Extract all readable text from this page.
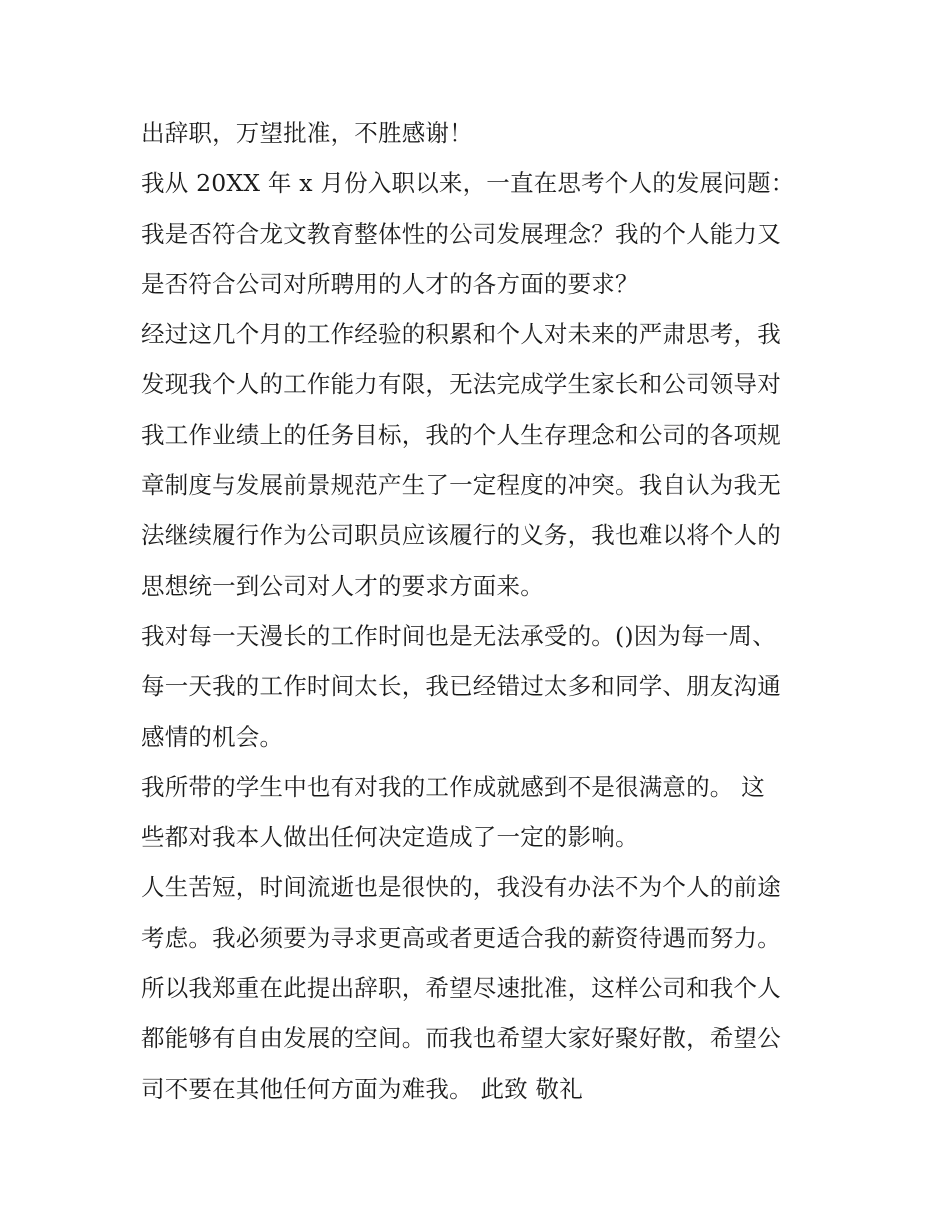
出辞职，万望批准，不胜感谢！
我从 20XX 年 x 月份入职以来，一直在思考个人的发展问题：
我是否符合龙文教育整体性的公司发展理念？我的个人能力又
是否符合公司对所聘用的人才的各方面的要求？
经过这几个月的工作经验的积累和个人对未来的严肃思考，我
发现我个人的工作能力有限，无法完成学生家长和公司领导对
我工作业绩上的任务目标，我的个人生存理念和公司的各项规
章制度与发展前景规范产生了一定程度的冲突。我自认为我无
法继续履行作为公司职员应该履行的义务，我也难以将个人的
思想统一到公司对人才的要求方面来。
我对每一天漫长的工作时间也是无法承受的。()因为每一周、
每一天我的工作时间太长，我已经错过太多和同学、朋友沟通
感情的机会。
我所带的学生中也有对我的工作成就感到不是很满意的。 这
些都对我本人做出任何决定造成了一定的影响。
人生苦短，时间流逝也是很快的，我没有办法不为个人的前途
考虑。我必须要为寻求更高或者更适合我的薪资待遇而努力。
所以我郑重在此提出辞职，希望尽速批准，这样公司和我个人
都能够有自由发展的空间。而我也希望大家好聚好散，希望公
司不要在其他任何方面为难我。 此致 敬礼
